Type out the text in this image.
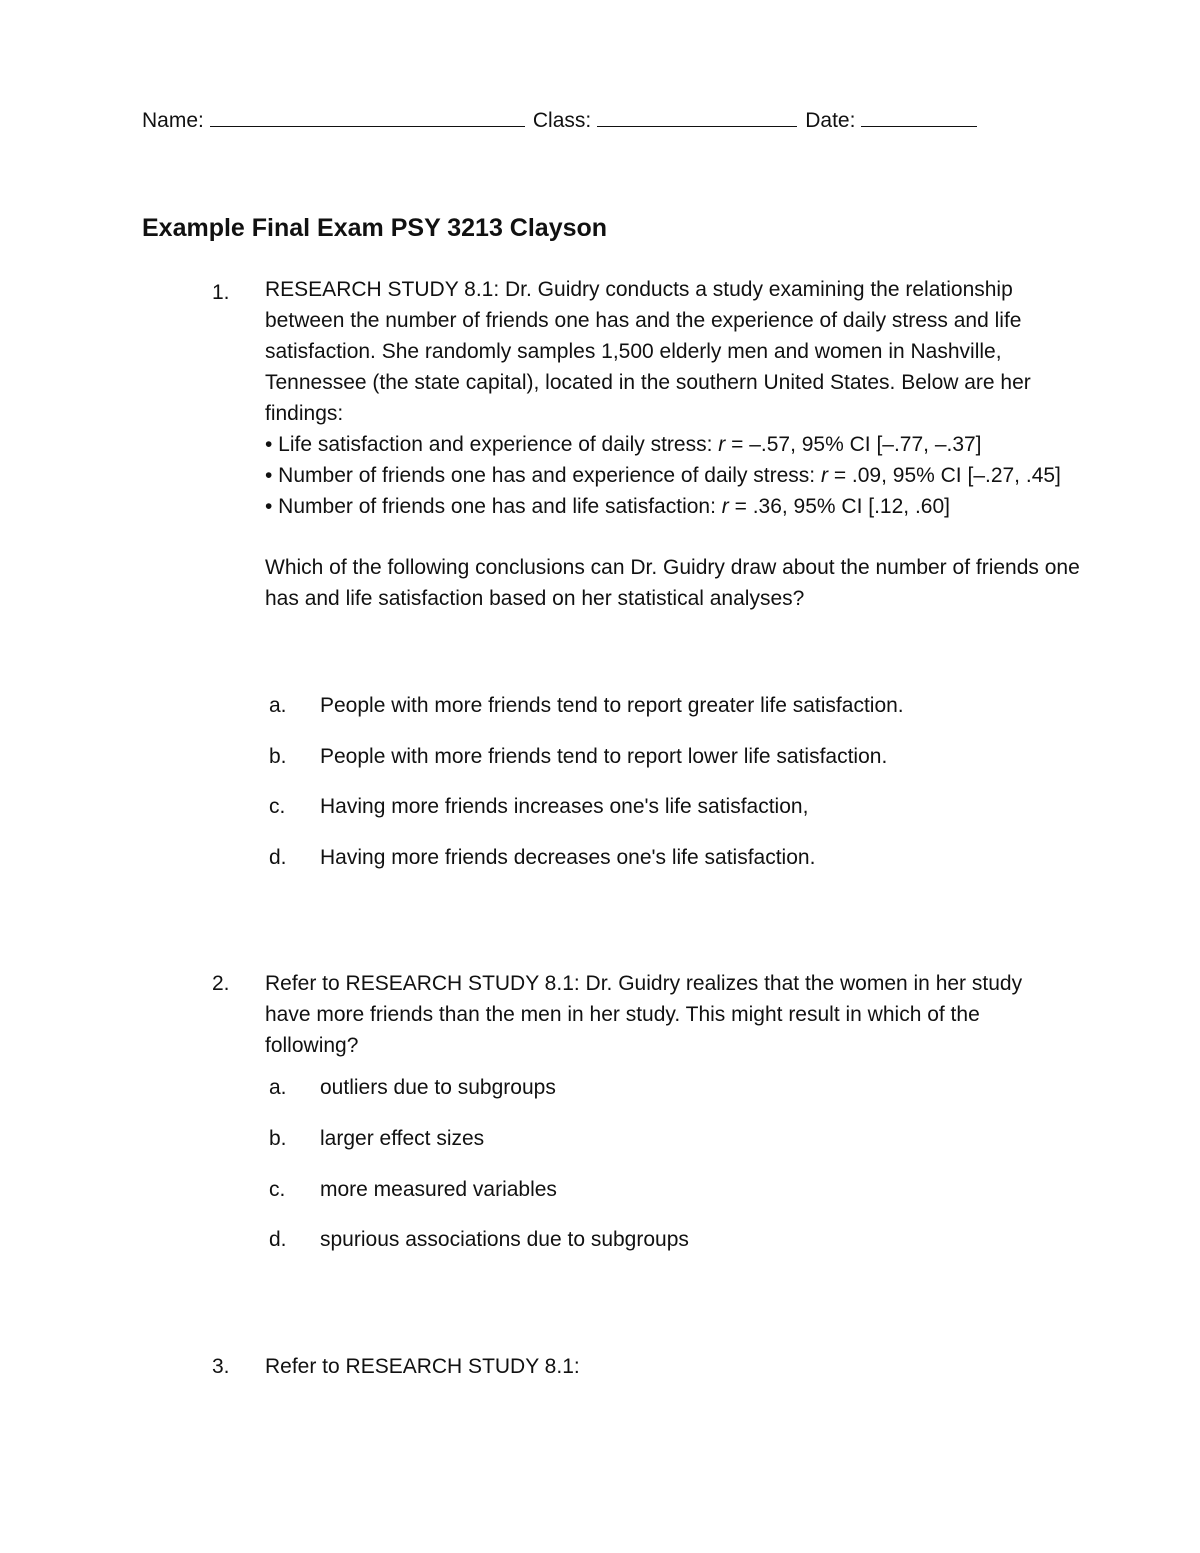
Name:	Class:	Date:
Example Final Exam PSY 3213 Clayson
1. RESEARCH STUDY 8.1: Dr. Guidry conducts a study examining the relationship between the number of friends one has and the experience of daily stress and life satisfaction. She randomly samples 1,500 elderly men and women in Nashville, Tennessee (the state capital), located in the southern United States. Below are her findings:

• Life satisfaction and experience of daily stress: r = –.57, 95% CI [–.77, –.37]

• Number of friends one has and experience of daily stress: r = .09, 95% CI [–.27, .45]

• Number of friends one has and life satisfaction: r = .36, 95% CI [.12, .60]

Which of the following conclusions can Dr. Guidry draw about the number of friends one has and life satisfaction based on her statistical analyses?

a. People with more friends tend to report greater life satisfaction.
b. People with more friends tend to report lower life satisfaction.
c. Having more friends increases one's life satisfaction,
d. Having more friends decreases one's life satisfaction.
2. Refer to RESEARCH STUDY 8.1: Dr. Guidry realizes that the women in her study have more friends than the men in her study. This might result in which of the following?

a. outliers due to subgroups
b. larger effect sizes
c. more measured variables
d. spurious associations due to subgroups
3. Refer to RESEARCH STUDY 8.1:
